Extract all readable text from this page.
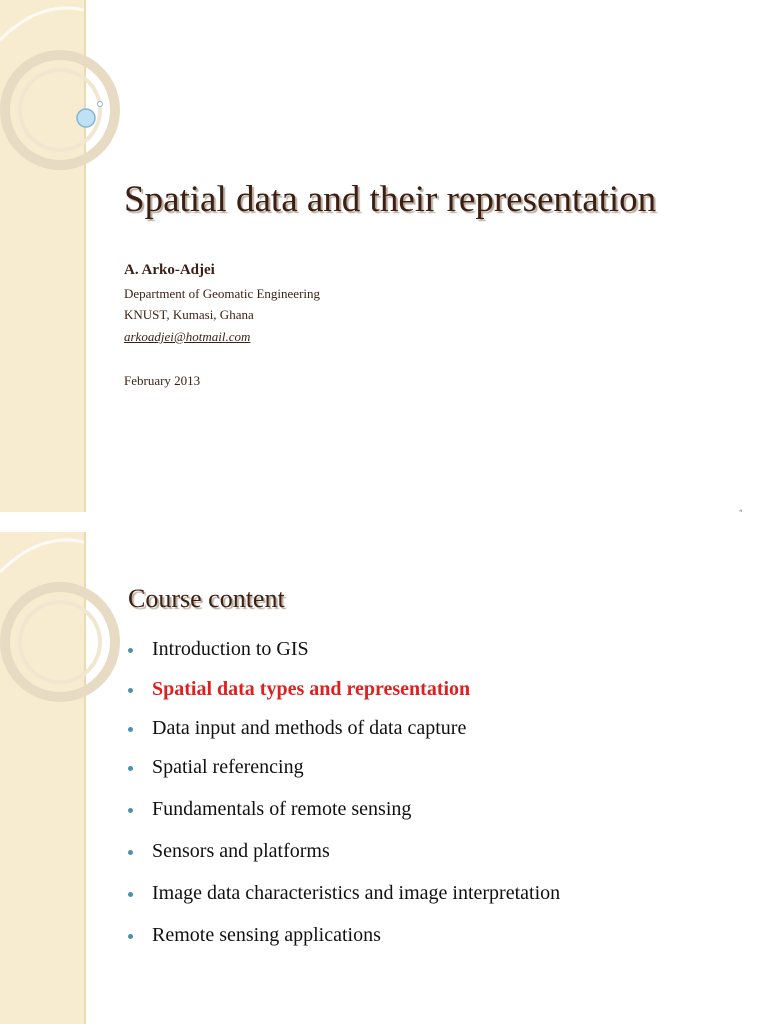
Spatial data and their representation
A. Arko-Adjei
Department of Geomatic Engineering
KNUST, Kumasi, Ghana
arkoadjei@hotmail.com
February 2013
Course content
Introduction to GIS
Spatial data types and representation
Data input and methods of data capture
Spatial referencing
Fundamentals of remote sensing
Sensors and platforms
Image data characteristics and image interpretation
Remote sensing applications
